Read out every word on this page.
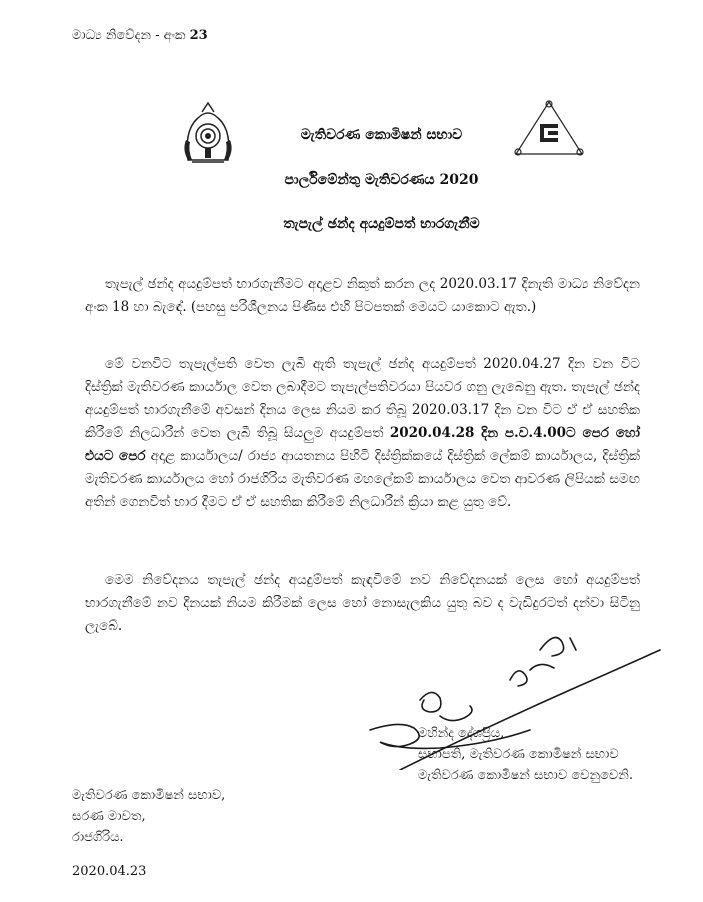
මාධ්‍ය නිවේදන - අංක 23
මැතිවරණ කොමිෂන් සභාව
පාර්ලිමේන්තු මැතිවරණය 2020
තැපැල් ඡන්ද අයදුම්පත් භාරගැනීම
තැපැල් ඡන්ද අයදුම්පත් භාරගැනීමට අදාළව නිකුත් කරන ලද 2020.03.17 දිනැති මාධ්‍ය නිවේදන අංක 18 හා බැඳේ. (පහසු පරිශීලනය පිණිස එහි පිටපතක් මෙයට යාකොට ඇත.)
මේ වනවිට තැපැල්පති වෙත ලැබී ඇති තැපැල් ඡන්ද අයදුම්පත් 2020.04.27 දින වන විට දිස්ත්‍රික් මැතිවරණ කාර්යාල වෙත ලබාදීමට තැපැල්පතිවරයා පියවර ගනු ලැබෙනු ඇත. තැපැල් ඡන්ද අයදුම්පත් භාරගැනීමේ අවසන් දිනය ලෙස නියම කර තිබූ 2020.03.17 දින වන විට ඒ ඒ සහතික කිරීමේ නිලධාරීන් වෙත ලැබී තිබූ සියලුම අයදුම්පත් 2020.04.28 දින ප.ව.4.00ට පෙර හෝ එයට පෙර අදාළ කාර්යාලය/ රාජ්‍ය ආයතනය පිහිටි දිස්ත්‍රික්කයේ දිස්ත්‍රික් ලේකම් කාර්යාලය, දිස්ත්‍රික් මැතිවරණ කාර්යාලය හෝ රාජගිරිය මැතිවරණ මහලේකම් කාර්යාලය වෙත ආවරණ ලිපියක් සමඟ අතින් ගෙනවිත් භාර දීමට ඒ ඒ සහතික කිරීමේ නිලධාරීන් ක්‍රියා කළ යුතු වේ.
මෙම නිවේදනය තැපැල් ඡන්ද අයදුම්පත් කැඳවීමේ නව නිවේදනයක් ලෙස හෝ අයදුම්පත් භාරගැනීමේ නව දිනයක් නියම කිරීමක් ලෙස හෝ නොසැලකිය යුතු බව ද වැඩිදුරටත් දන්වා සිටිනු ලැබේ.
මහින්ද දේශප්‍රිය,
සභාපති, මැතිවරණ කොමිෂන් සභාව
මැතිවරණ කොමිෂන් සභාව වෙනුවෙනි.
මැතිවරණ කොමිෂන් සභාව,
සරණ මාවත,
රාජගිරිය.
2020.04.23
